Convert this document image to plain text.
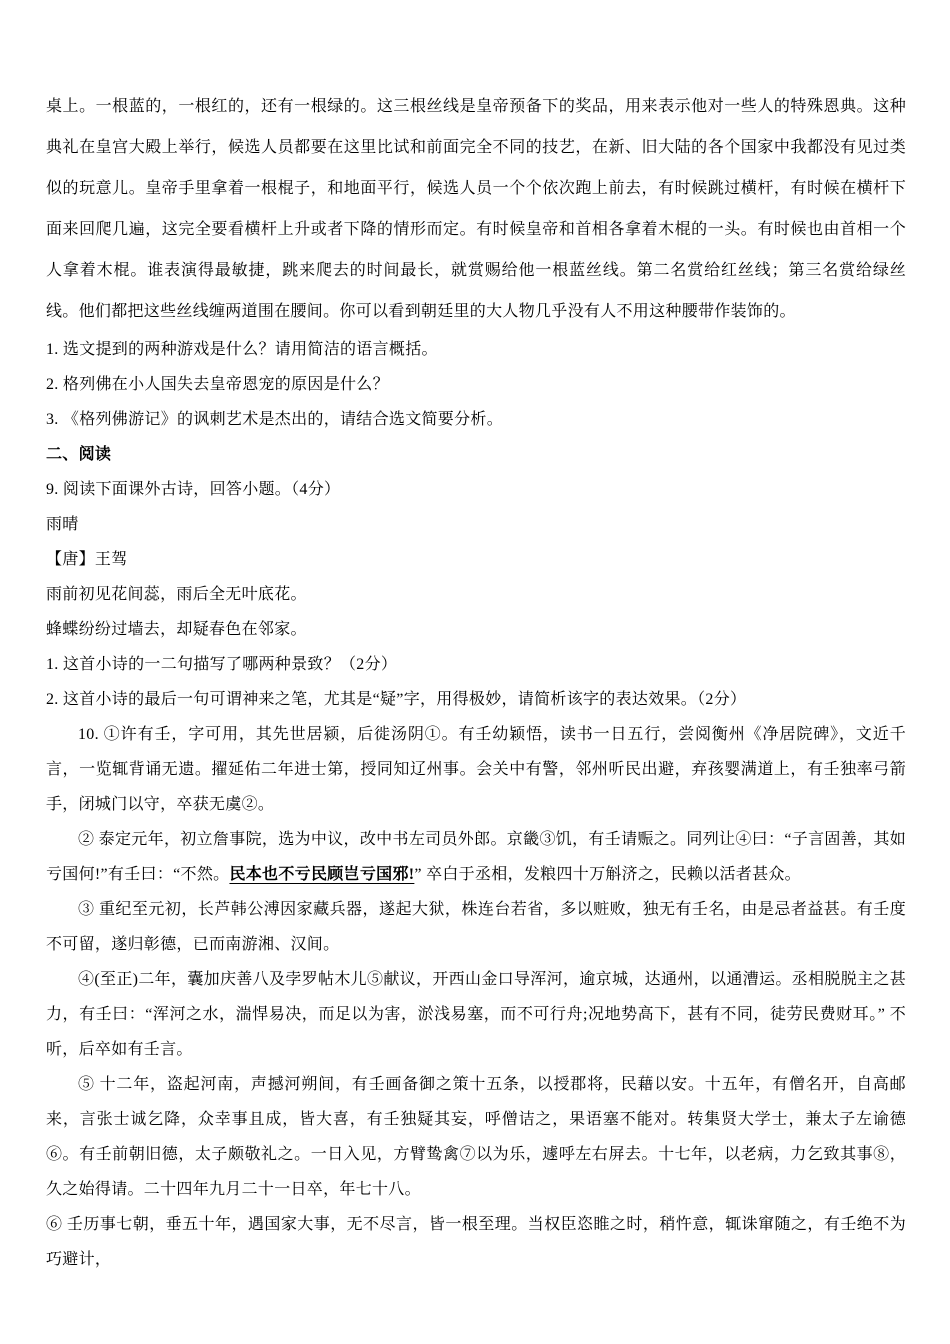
桌上。一根蓝的，一根红的，还有一根绿的。这三根丝线是皇帝预备下的奖品，用来表示他对一些人的特殊恩典。这种典礼在皇宫大殿上举行，候选人员都要在这里比试和前面完全不同的技艺，在新、旧大陆的各个国家中我都没有见过类似的玩意儿。皇帝手里拿着一根棍子，和地面平行，候选人员一个个依次跑上前去，有时候跳过横杆，有时候在横杆下面来回爬几遍，这完全要看横杆上升或者下降的情形而定。有时候皇帝和首相各拿着木棍的一头。有时候也由首相一个人拿着木棍。谁表演得最敏捷，跳来爬去的时间最长，就赏赐给他一根蓝丝线。第二名赏给红丝线；第三名赏给绿丝线。他们都把这些丝线缠两道围在腰间。你可以看到朝廷里的大人物几乎没有人不用这种腰带作装饰的。

1. 选文提到的两种游戏是什么？请用简洁的语言概括。

2. 格列佛在小人国失去皇帝恩宠的原因是什么？

3. 《格列佛游记》的讽刺艺术是杰出的，请结合选文简要分析。

二、阅读

9. 阅读下面课外古诗，回答小题。（4分）

雨晴

【唐】王驾

雨前初见花间蕊，雨后全无叶底花。

蜂蝶纷纷过墙去，却疑春色在邻家。

1. 这首小诗的一二句描写了哪两种景致？（2分）

2. 这首小诗的最后一句可谓神来之笔，尤其是“疑”字，用得极妙，请简析该字的表达效果。（2分）

10. ①许有壬，字可用，其先世居颍，后徙汤阴①。有壬幼颖悟，读书一日五行，尝阅衡州《净居院碑》，文近千言，一览辄背诵无遗。擢延佑二年进士第，授同知辽州事。会关中有警，邻州听民出避，弃孩婴满道上，有壬独率弓箭手，闭城门以守，卒获无虞②。

② 泰定元年，初立詹事院，选为中议，改中书左司员外郎。京畿③饥，有壬请赈之。同列让④曰：“子言固善，其如亏国何!”有壬曰：“不然。民本也不亏民顾岂亏国邪!” 卒白于丞相，发粮四十万斛济之，民赖以活者甚众。

③ 重纪至元初，长芦韩公溥因家藏兵器，遂起大狱，株连台若省，多以赃败，独无有壬名，由是忌者益甚。有壬度不可留，遂归彰德，已而南游湘、汉间。

④(至正)二年，囊加庆善八及孛罗帖木儿⑤献议，开西山金口导浑河，逾京城，达通州，以通漕运。丞相脱脱主之甚力，有壬曰：“浑河之水，湍悍易决，而足以为害，淤浅易塞，而不可行舟;况地势高下，甚有不同，徒劳民费财耳。” 不听，后卒如有壬言。

⑤ 十二年，盗起河南，声撼河朔间，有壬画备御之策十五条，以授郡将，民藉以安。十五年，有僧名开，自高邮来，言张士诚乞降，众幸事且成，皆大喜，有壬独疑其妄，呼僧诘之，果语塞不能对。转集贤大学士，兼太子左谕德⑥。有壬前朝旧德，太子颇敬礼之。一日入见，方臂鸷禽⑦以为乐，遽呼左右屏去。十七年，以老病，力乞致其事⑧，久之始得请。二十四年九月二十一日卒，年七十八。

⑥ 壬历事七朝，垂五十年，遇国家大事，无不尽言，皆一根至理。当权臣恣睢之时，稍忤意，辄诛窜随之，有壬绝不为巧避计，
